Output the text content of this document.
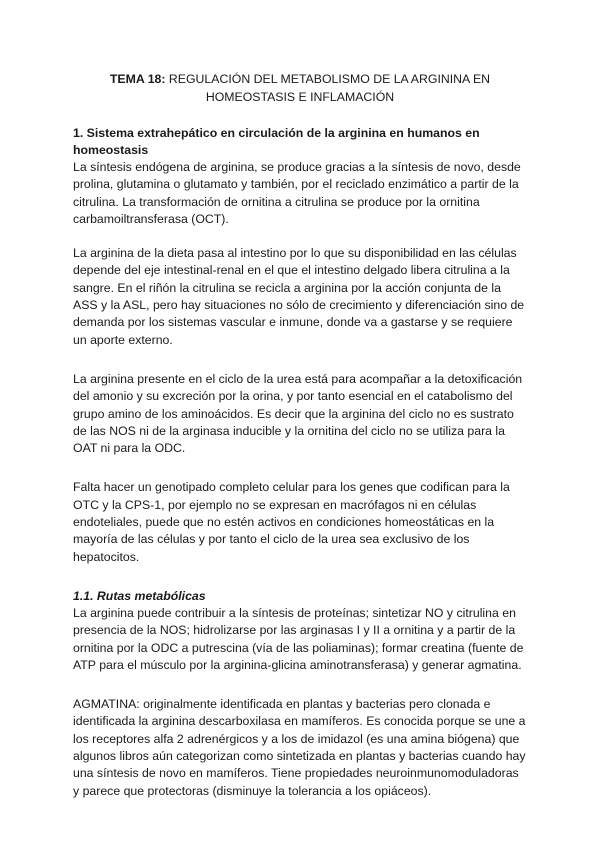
TEMA 18: REGULACIÓN DEL METABOLISMO DE LA ARGININA EN HOMEOSTASIS E INFLAMACIÓN
1. Sistema extrahepático en circulación de la arginina en humanos en homeostasis

La síntesis endógena de arginina, se produce gracias a la síntesis de novo, desde prolina, glutamina o glutamato y también, por el reciclado enzimático a partir de la citrulina. La transformación de ornitina a citrulina se produce por la ornitina carbamoiltransferasa (OCT).

La arginina de la dieta pasa al intestino por lo que su disponibilidad en las células depende del eje intestinal-renal en el que el intestino delgado libera citrulina a la sangre. En el riñón la citrulina se recicla a arginina por la acción conjunta de la ASS y la ASL, pero hay situaciones no sólo de crecimiento y diferenciación sino de demanda por los sistemas vascular e inmune, donde va a gastarse y se requiere un aporte externo.

La arginina presente en el ciclo de la urea está para acompañar a la detoxificación del amonio y su excreción por la orina, y por tanto esencial en el catabolismo del grupo amino de los aminoácidos. Es decir que la arginina del ciclo no es sustrato de las NOS ni de la arginasa inducible y la ornitina del ciclo no se utiliza para la OAT ni para la ODC.

Falta hacer un genotipado completo celular para los genes que codifican para la OTC y la CPS-1, por ejemplo no se expresan en macrófagos ni en células endoteliales, puede que no estén activos en condiciones homeostáticas en la mayoría de las células y por tanto el ciclo de la urea sea exclusivo de los hepatocitos.

1.1. Rutas metabólicas

La arginina puede contribuir a la síntesis de proteínas; sintetizar NO y citrulina en presencia de la NOS; hidrolizarse por las arginasas I y II a ornitina y a partir de la ornitina por la ODC a putrescina (vía de las poliaminas); formar creatina (fuente de ATP para el músculo por la arginina-glicina aminotransferasa) y generar agmatina.

AGMATINA: originalmente identificada en plantas y bacterias pero clonada e identificada la arginina descarboxilasa en mamíferos. Es conocida porque se une a los receptores alfa 2 adrenérgicos y a los de imidazol (es una amina biógena) que algunos libros aún categorizan como sintetizada en plantas y bacterias cuando hay una síntesis de novo en mamíferos. Tiene propiedades neuroinmunomoduladoras y parece que protectoras (disminuye la tolerancia a los opiáceos).
